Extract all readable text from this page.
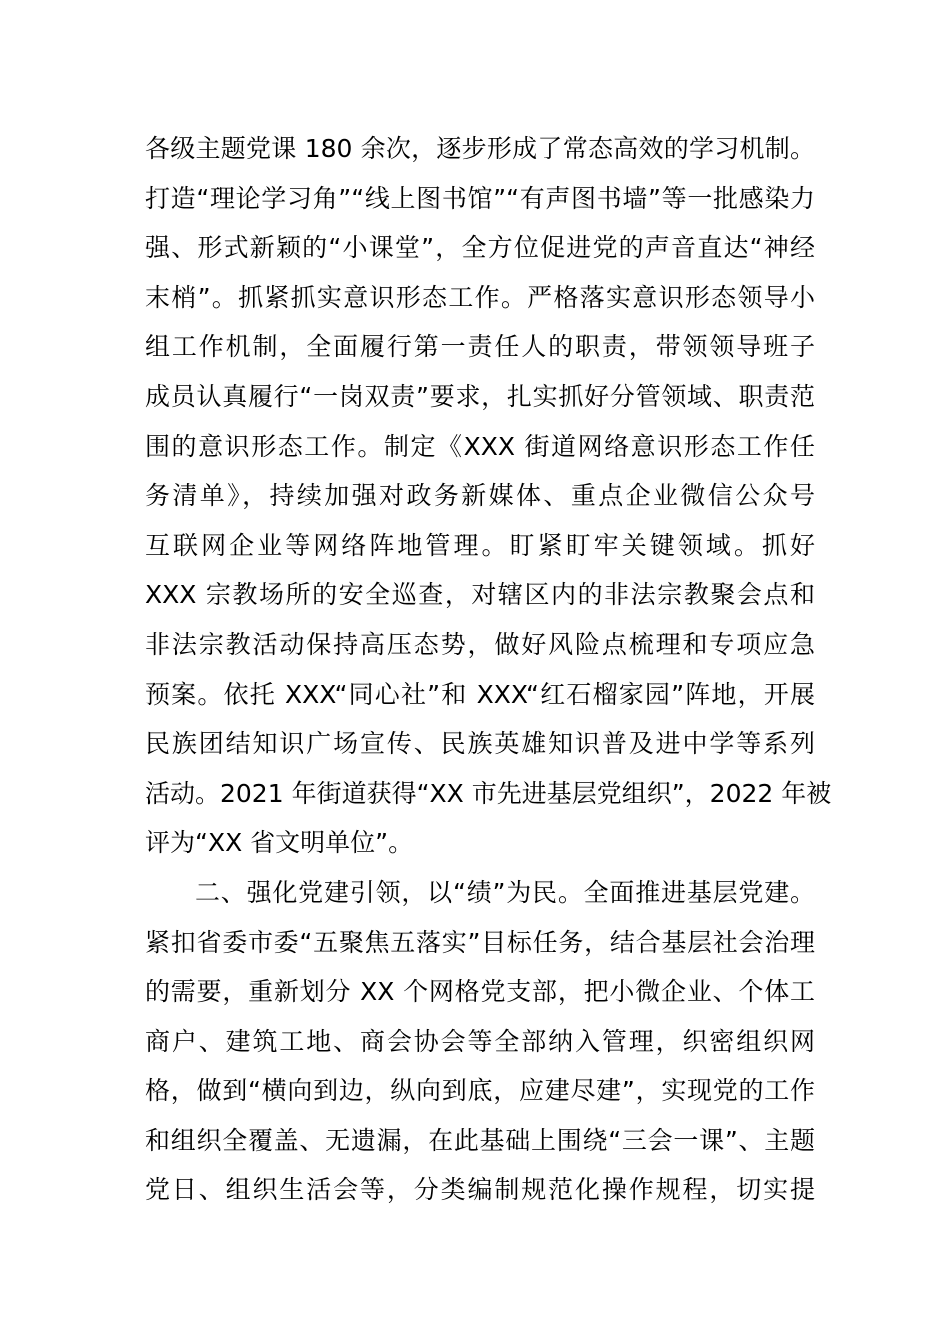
各级主题党课 180 余次，逐步形成了常态高效的学习机制。
打造“理论学习角”“线上图书馆”“有声图书墙”等一批感染力
强、形式新颖的“小课堂”，全方位促进党的声音直达“神经
末梢”。抓紧抓实意识形态工作。严格落实意识形态领导小
组工作机制，全面履行第一责任人的职责，带领领导班子
成员认真履行“一岗双责”要求，扎实抓好分管领域、职责范
围的意识形态工作。制定《XXX 街道网络意识形态工作任
务清单》，持续加强对政务新媒体、重点企业微信公众号
互联网企业等网络阵地管理。盯紧盯牢关键领域。抓好
XXX 宗教场所的安全巡查，对辖区内的非法宗教聚会点和
非法宗教活动保持高压态势，做好风险点梳理和专项应急
预案。依托 XXX“同心社”和 XXX“红石榴家园”阵地，开展
民族团结知识广场宣传、民族英雄知识普及进中学等系列
活动。2021 年街道获得“XX 市先进基层党组织”，2022 年被
评为“XX 省文明单位”。
二、强化党建引领，以“绩”为民。全面推进基层党建。
紧扣省委市委“五聚焦五落实”目标任务，结合基层社会治理
的需要，重新划分 XX 个网格党支部，把小微企业、个体工
商户、建筑工地、商会协会等全部纳入管理，织密组织网
格，做到“横向到边，纵向到底，应建尽建”，实现党的工作
和组织全覆盖、无遗漏，在此基础上围绕“三会一课”、主题
党日、组织生活会等，分类编制规范化操作规程，切实提
